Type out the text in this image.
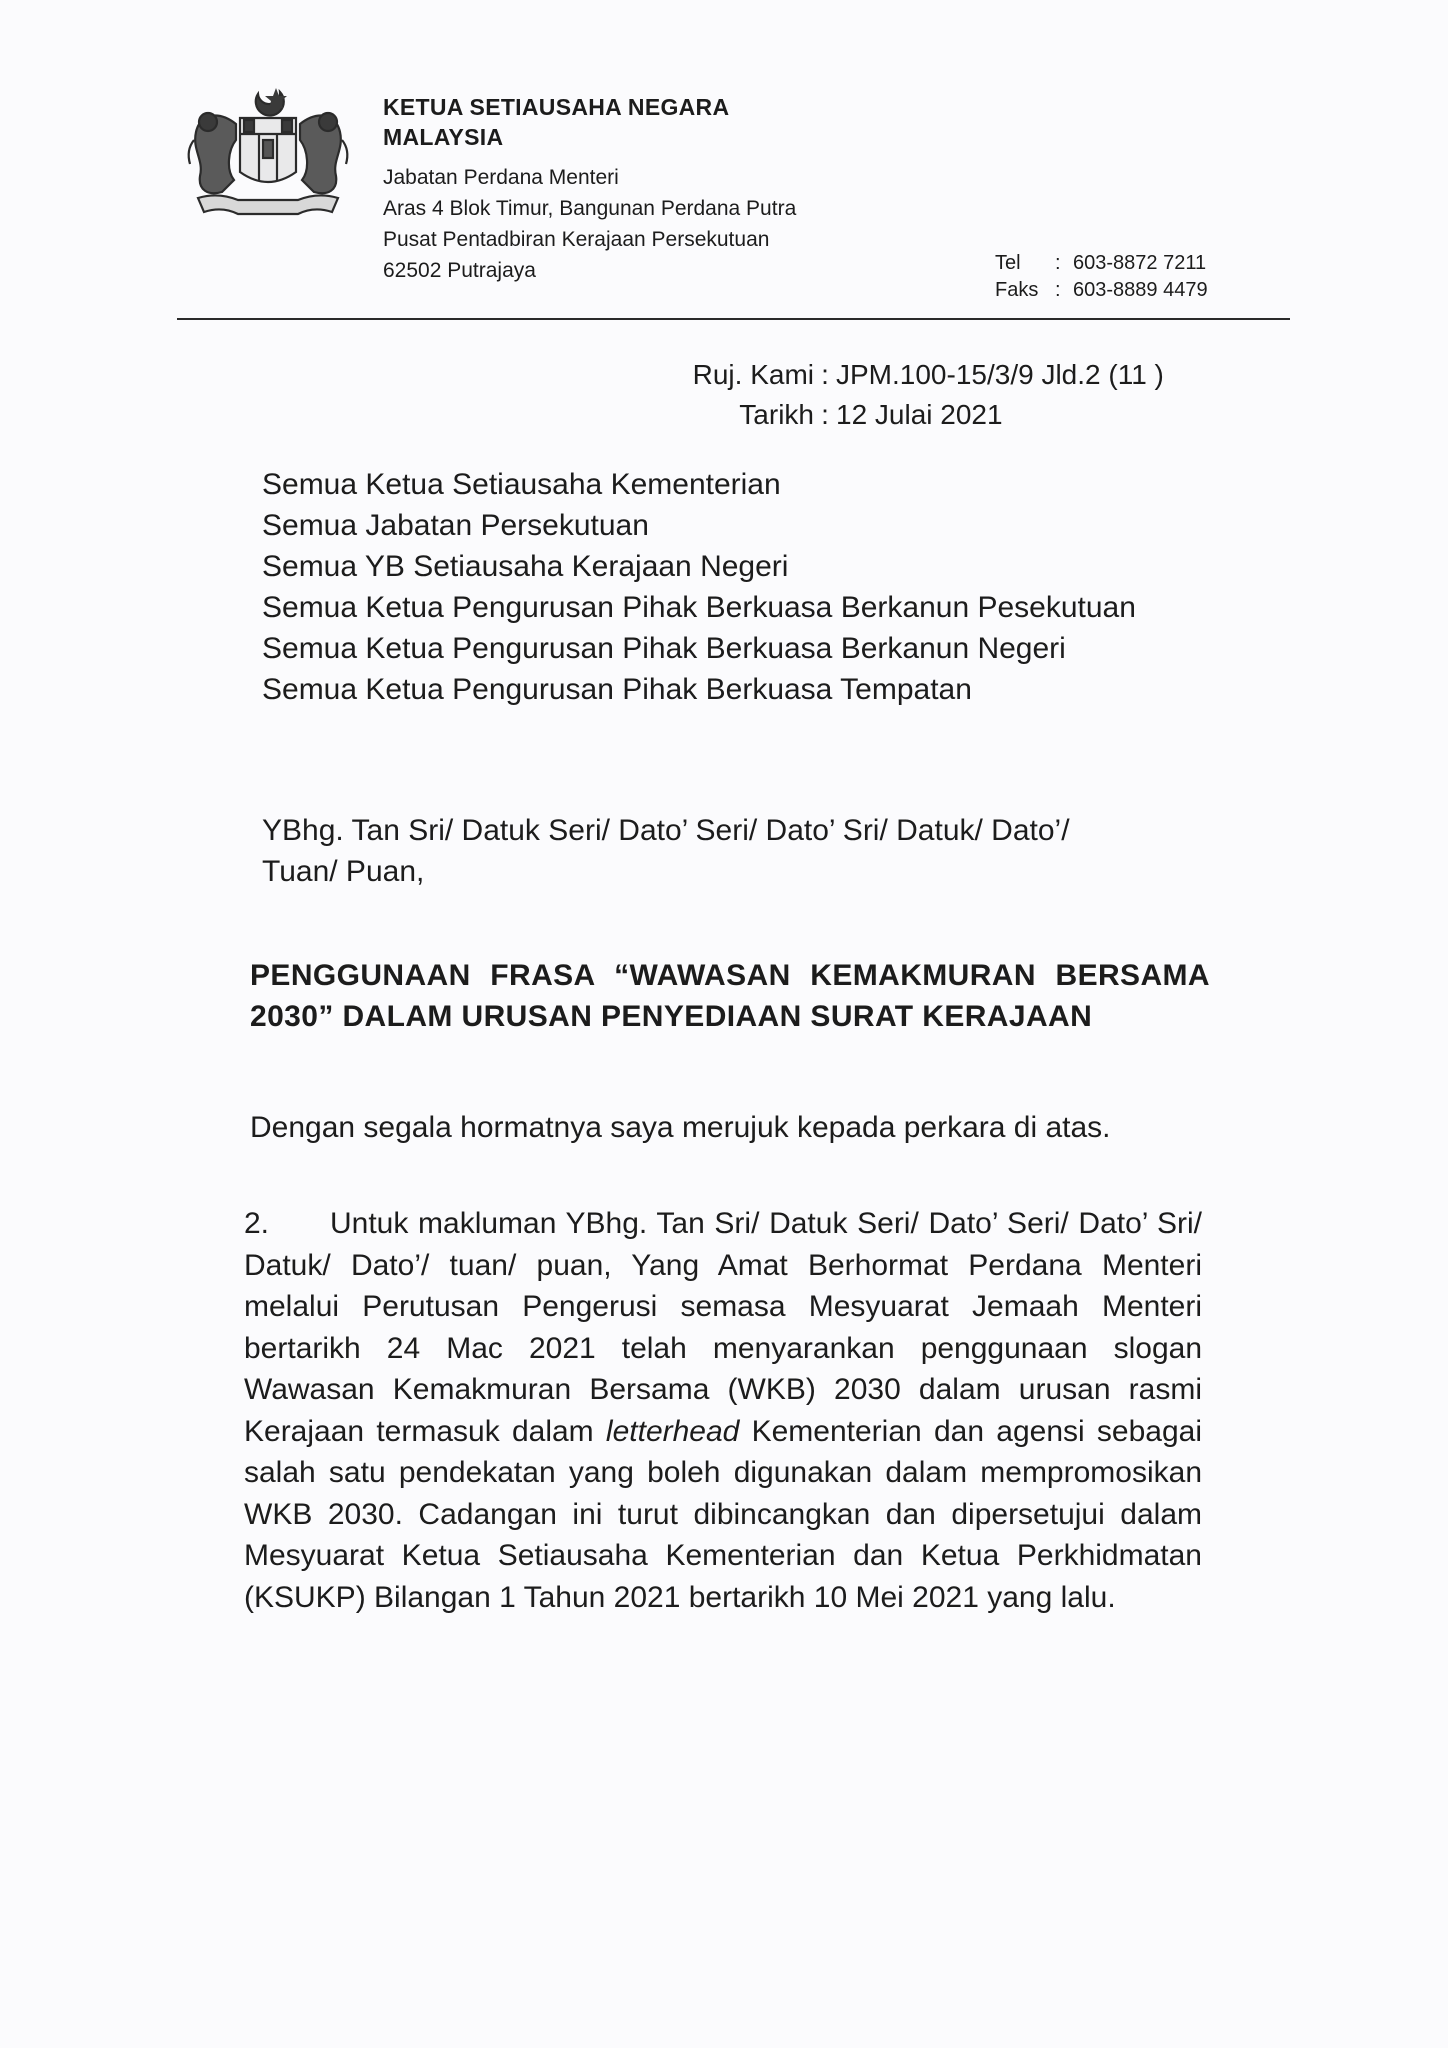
KETUA SETIAUSAHA NEGARA
MALAYSIA
Jabatan Perdana Menteri
Aras 4 Blok Timur, Bangunan Perdana Putra
Pusat Pentadbiran Kerajaan Persekutuan
62502 Putrajaya	Tel	: 603-8872 7211
Faks : 603-8889 4479
Ruj. Kami : JPM.100-15/3/9 Jld.2 (11 )
Tarikh : 12 Julai 2021
Semua Ketua Setiausaha Kementerian
Semua Jabatan Persekutuan
Semua YB Setiausaha Kerajaan Negeri
Semua Ketua Pengurusan Pihak Berkuasa Berkanun Pesekutuan
Semua Ketua Pengurusan Pihak Berkuasa Berkanun Negeri
Semua Ketua Pengurusan Pihak Berkuasa Tempatan
YBhg. Tan Sri/ Datuk Seri/ Dato’ Seri/ Dato’ Sri/ Datuk/ Dato’/
Tuan/ Puan,
PENGGUNAAN FRASA “WAWASAN KEMAKMURAN BERSAMA 2030” DALAM URUSAN PENYEDIAAN SURAT KERAJAAN
Dengan segala hormatnya saya merujuk kepada perkara di atas.
2. Untuk makluman YBhg. Tan Sri/ Datuk Seri/ Dato’ Seri/ Dato’ Sri/ Datuk/ Dato’/ tuan/ puan, Yang Amat Berhormat Perdana Menteri melalui Perutusan Pengerusi semasa Mesyuarat Jemaah Menteri bertarikh 24 Mac 2021 telah menyarankan penggunaan slogan Wawasan Kemakmuran Bersama (WKB) 2030 dalam urusan rasmi Kerajaan termasuk dalam letterhead Kementerian dan agensi sebagai salah satu pendekatan yang boleh digunakan dalam mempromosikan WKB 2030. Cadangan ini turut dibincangkan dan dipersetujui dalam Mesyuarat Ketua Setiausaha Kementerian dan Ketua Perkhidmatan (KSUKP) Bilangan 1 Tahun 2021 bertarikh 10 Mei 2021 yang lalu.
